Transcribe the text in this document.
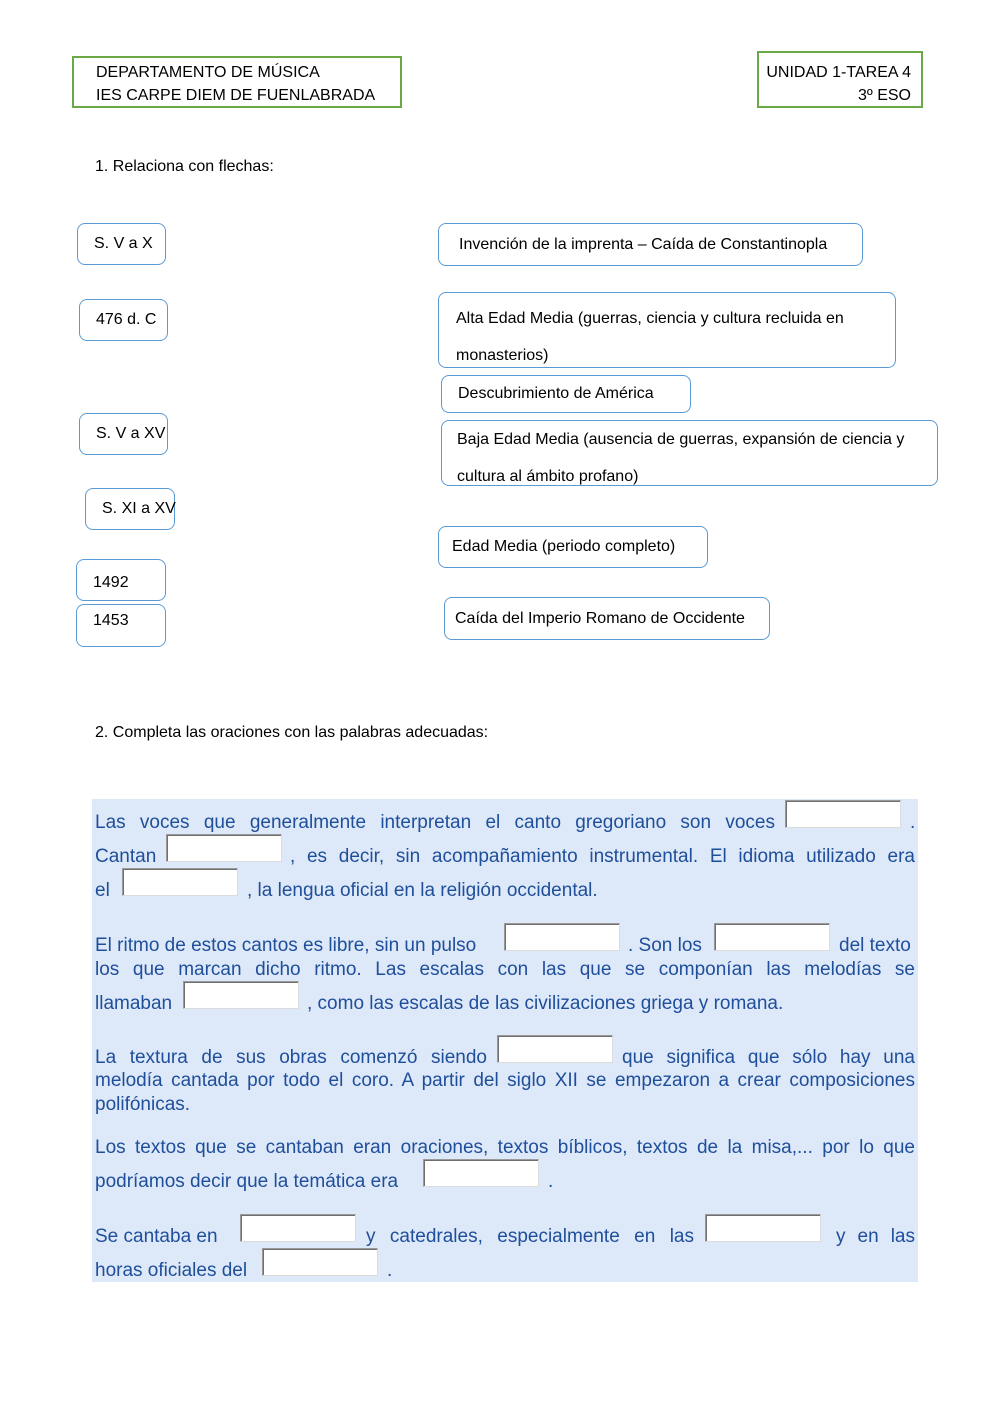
DEPARTAMENTO DE MÚSICA
IES CARPE DIEM DE FUENLABRADA
UNIDAD 1-TAREA 4
3º ESO
1. Relaciona con flechas:
S. V a X
476 d. C
S. V a XV
S. XI a XV
1492
1453
Invención de la imprenta – Caída de Constantinopla
Alta Edad Media (guerras, ciencia y cultura recluida en monasterios)
Descubrimiento de América
Baja Edad Media (ausencia de guerras, expansión de ciencia y cultura al ámbito profano)
Edad Media (periodo completo)
Caída del Imperio Romano de Occidente
2. Completa las oraciones con las palabras adecuadas:
Las voces que generalmente interpretan el canto gregoriano son voces	.
Cantan	, es decir, sin acompañamiento instrumental. El idioma utilizado era
el	, la lengua oficial en la religión occidental.
El ritmo de estos cantos es libre, sin un pulso	. Son los	del texto
los que marcan dicho ritmo. Las escalas con las que se componían las melodías se
llamaban	, como las escalas de las civilizaciones griega y romana.
La textura de sus obras comenzó siendo	que significa que sólo hay una
melodía cantada por todo el coro. A partir del siglo XII se empezaron a crear composiciones
polifónicas.
Los textos que se cantaban eran oraciones, textos bíblicos, textos de la misa,... por lo que
podríamos decir que la temática era	.
Se cantaba en	y catedrales, especialmente en las	y en las
horas oficiales del	.
